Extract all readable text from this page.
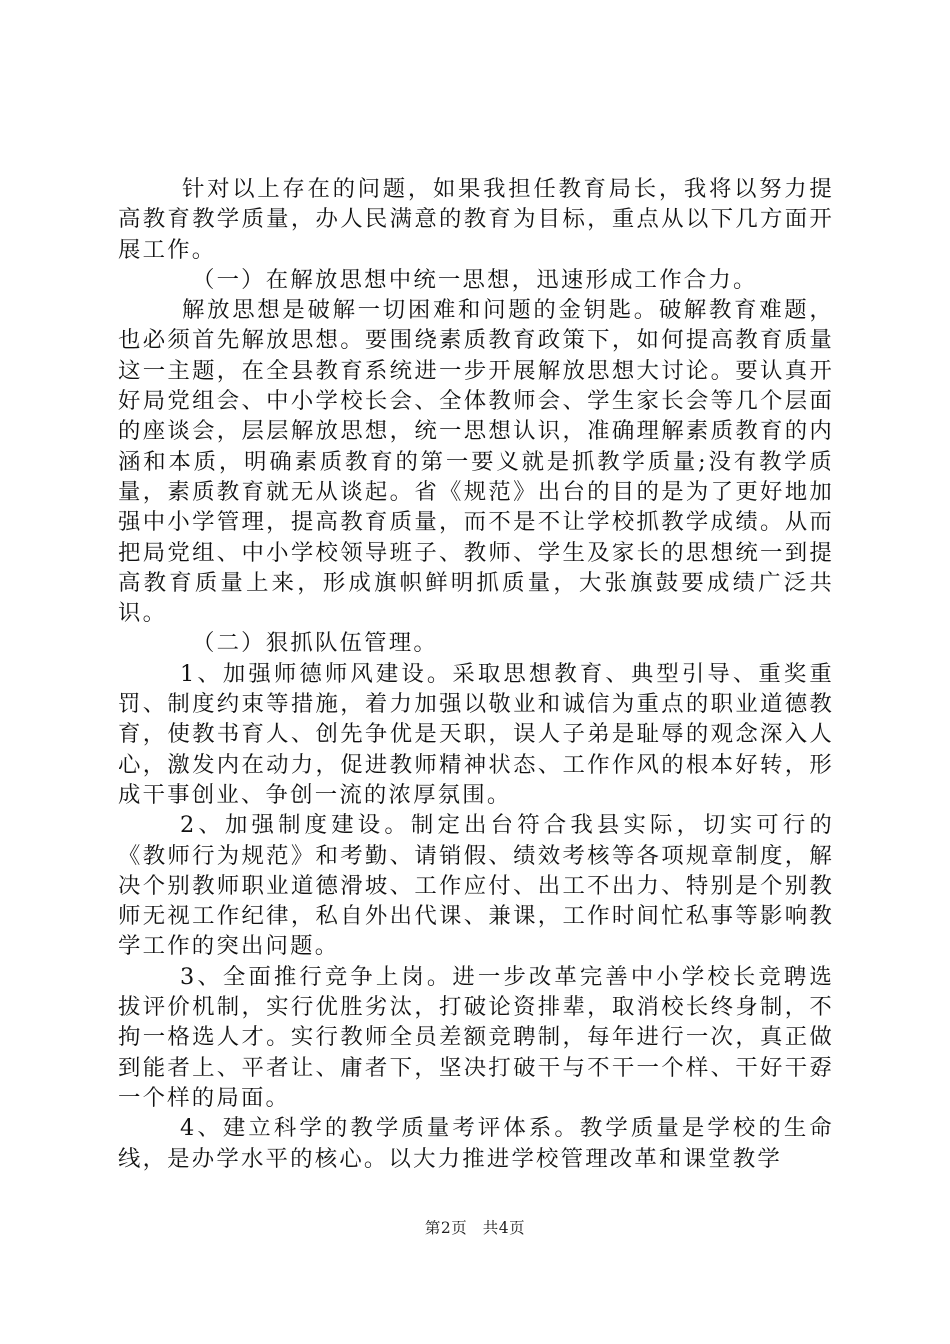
针对以上存在的问题，如果我担任教育局长，我将以努力提高教育教学质量，办人民满意的教育为目标，重点从以下几方面开展工作。

（一）在解放思想中统一思想，迅速形成工作合力。

解放思想是破解一切困难和问题的金钥匙。破解教育难题，也必须首先解放思想。要围绕素质教育政策下，如何提高教育质量这一主题，在全县教育系统进一步开展解放思想大讨论。要认真开好局党组会、中小学校长会、全体教师会、学生家长会等几个层面的座谈会，层层解放思想，统一思想认识，准确理解素质教育的内涵和本质，明确素质教育的第一要义就是抓教学质量;没有教学质量，素质教育就无从谈起。省《规范》出台的目的是为了更好地加强中小学管理，提高教育质量，而不是不让学校抓教学成绩。从而把局党组、中小学校领导班子、教师、学生及家长的思想统一到提高教育质量上来，形成旗帜鲜明抓质量，大张旗鼓要成绩广泛共识。

（二）狠抓队伍管理。

1、加强师德师风建设。采取思想教育、典型引导、重奖重罚、制度约束等措施，着力加强以敬业和诚信为重点的职业道德教育，使教书育人、创先争优是天职，误人子弟是耻辱的观念深入人心，激发内在动力，促进教师精神状态、工作作风的根本好转，形成干事创业、争创一流的浓厚氛围。

2、加强制度建设。制定出台符合我县实际，切实可行的《教师行为规范》和考勤、请销假、绩效考核等各项规章制度，解决个别教师职业道德滑坡、工作应付、出工不出力、特别是个别教师无视工作纪律，私自外出代课、兼课，工作时间忙私事等影响教学工作的突出问题。

3、全面推行竞争上岗。进一步改革完善中小学校长竞聘选拔评价机制，实行优胜劣汰，打破论资排辈，取消校长终身制，不拘一格选人才。实行教师全员差额竞聘制，每年进行一次，真正做到能者上、平者让、庸者下，坚决打破干与不干一个样、干好干孬一个样的局面。

4、建立科学的教学质量考评体系。教学质量是学校的生命线，是办学水平的核心。以大力推进学校管理改革和课堂教学

第2页 共4页
